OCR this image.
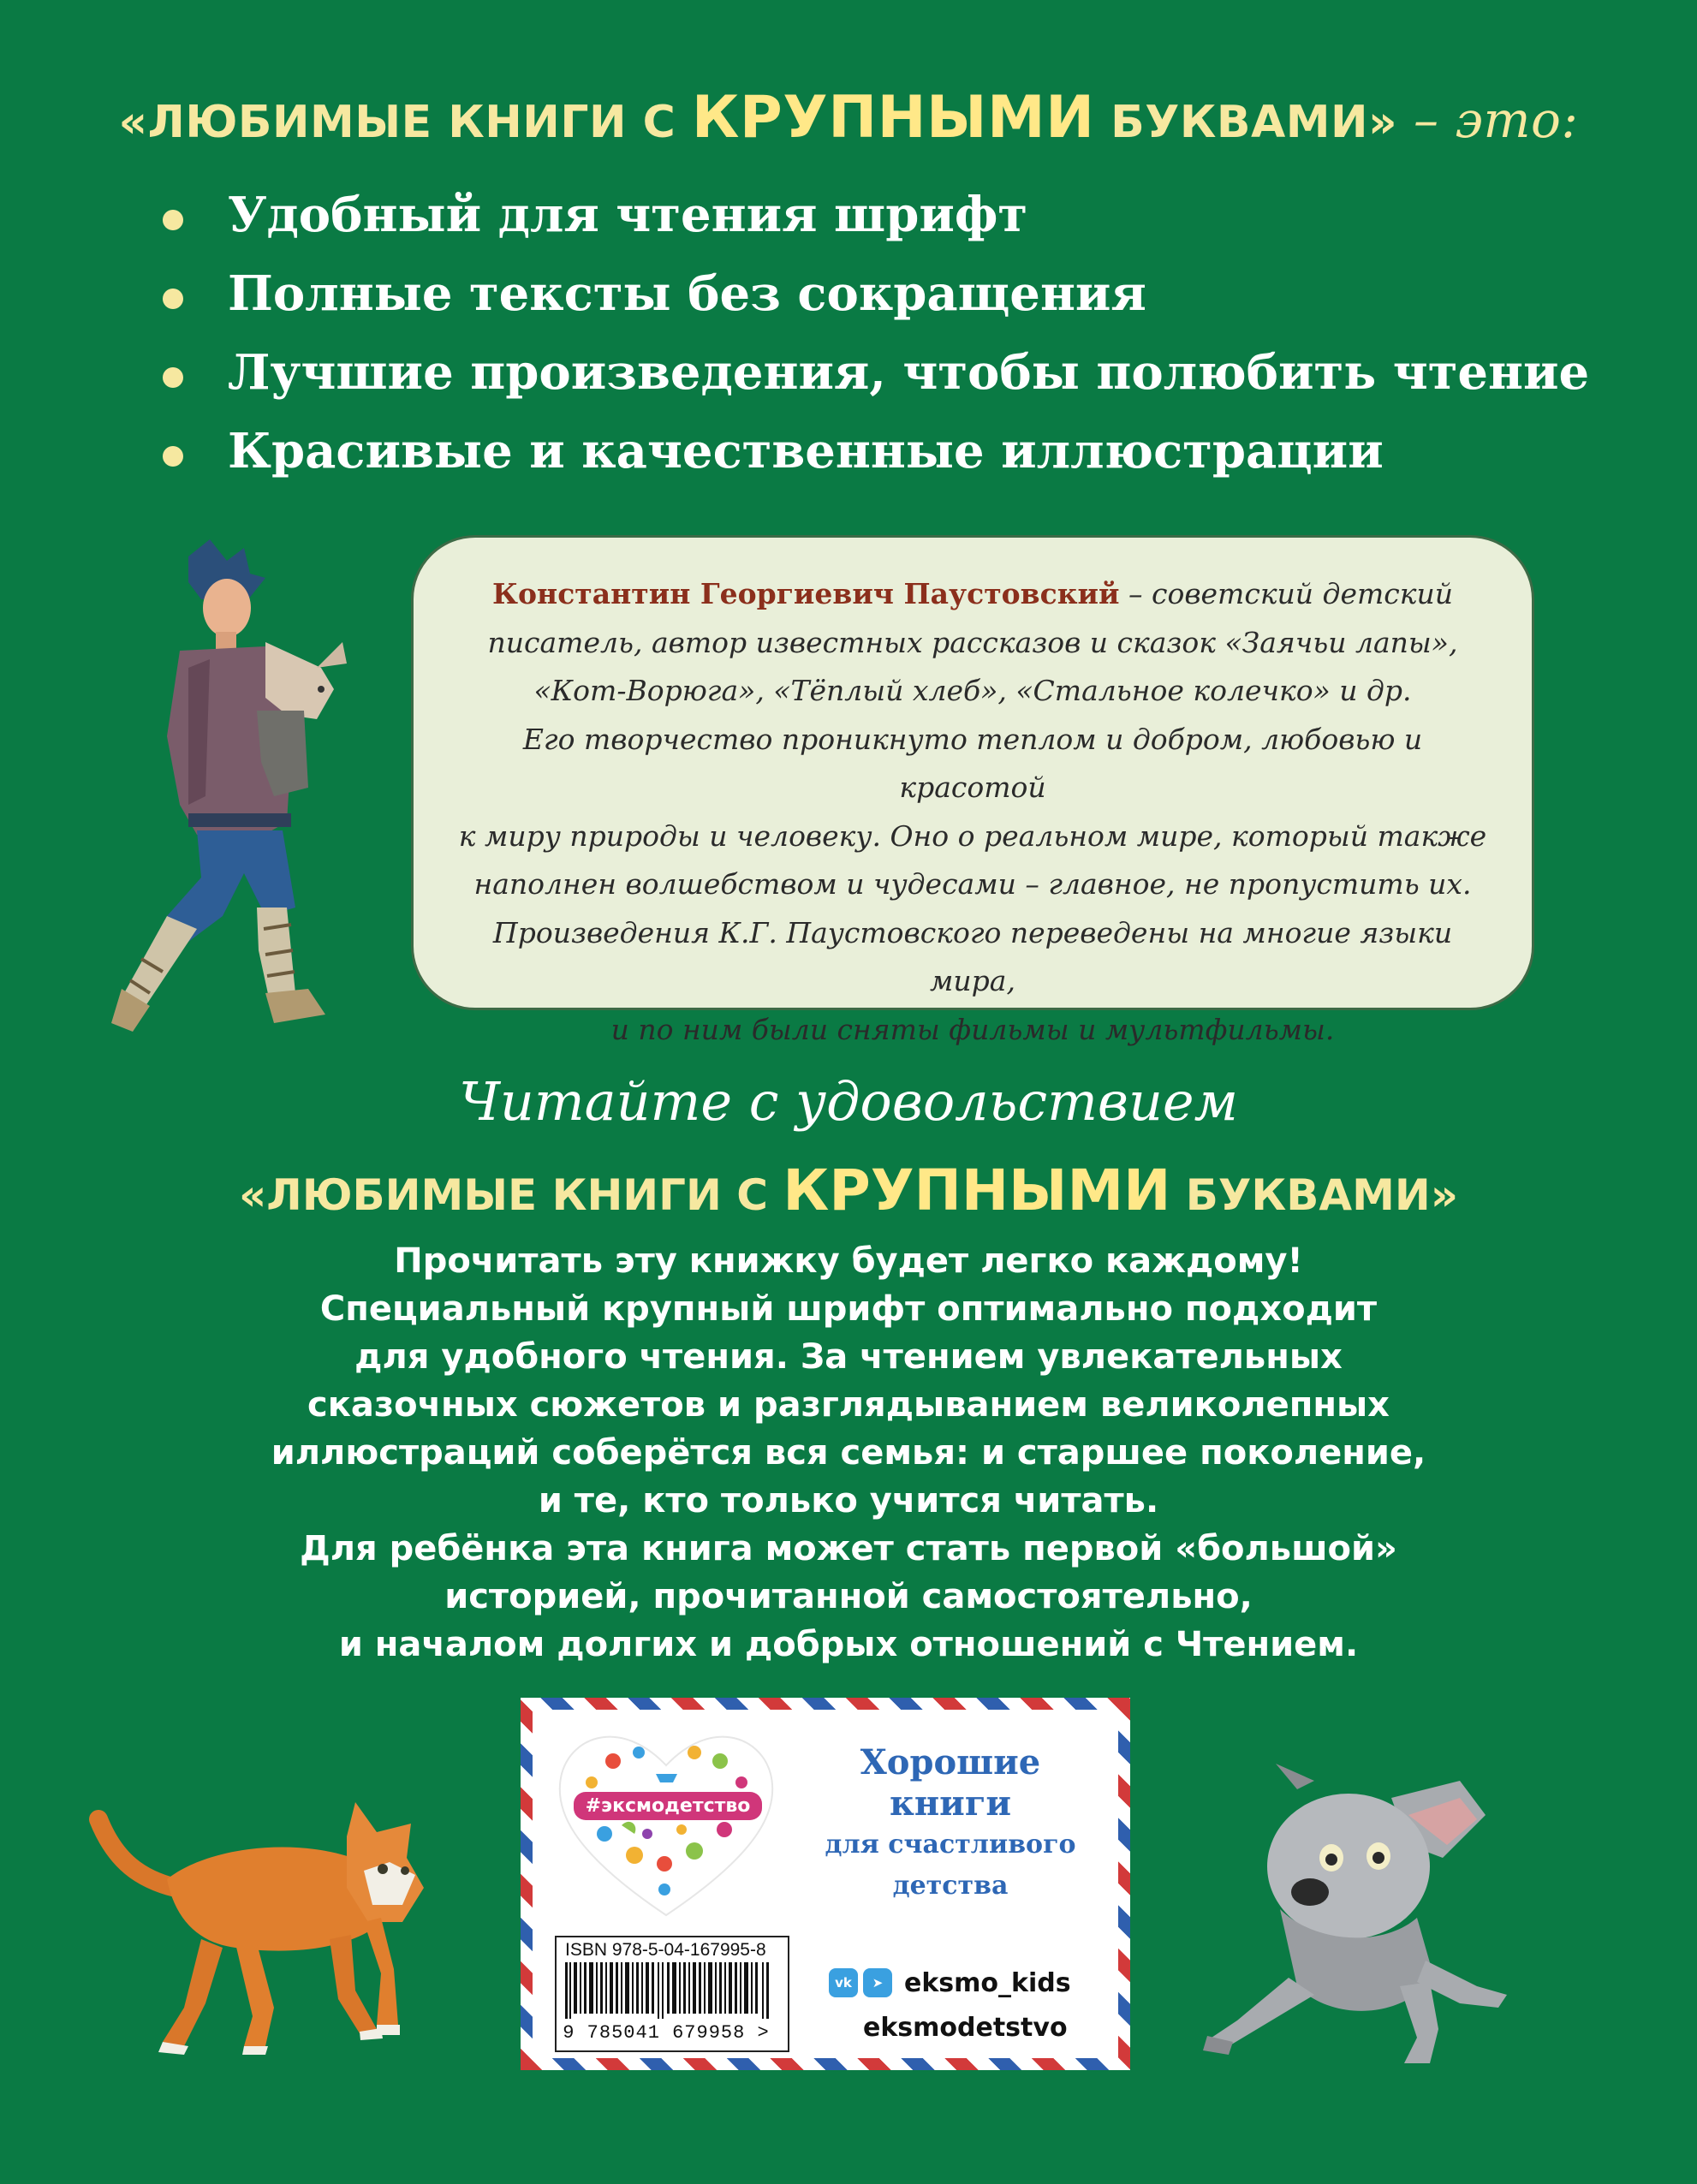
«ЛЮБИМЫЕ КНИГИ С КРУПНЫМИ БУКВАМИ» – это:
Удобный для чтения шрифт
Полные тексты без сокращения
Лучшие произведения, чтобы полюбить чтение
Красивые и качественные иллюстрации
Константин Георгиевич Паустовский – советский детский
писатель, автор известных рассказов и сказок «Заячьи лапы»,
«Кот-Ворюга», «Тёплый хлеб», «Стальное колечко» и др.
Его творчество проникнуто теплом и добром, любовью и красотой
к миру природы и человеку. Оно о реальном мире, который также
наполнен волшебством и чудесами – главное, не пропустить их.
Произведения К.Г. Паустовского переведены на многие языки мира,
и по ним были сняты фильмы и мультфильмы.
Читайте с удовольствием
«ЛЮБИМЫЕ КНИГИ С КРУПНЫМИ БУКВАМИ»
Прочитать эту книжку будет легко каждому!
Специальный крупный шрифт оптимально подходит
для удобного чтения. За чтением увлекательных
сказочных сюжетов и разглядыванием великолепных
иллюстраций соберётся вся семья: и старшее поколение,
и те, кто только учится читать.
Для ребёнка эта книга может стать первой «большой»
историей, прочитанной самостоятельно,
и началом долгих и добрых отношений с Чтением.
#эксмодетство
Хорошие
книги
для счастливого
детства
ISBN 978-5-04-167995-8
9 785041 679958 >
vk	➤ eksmo_kids
eksmodetstvo
